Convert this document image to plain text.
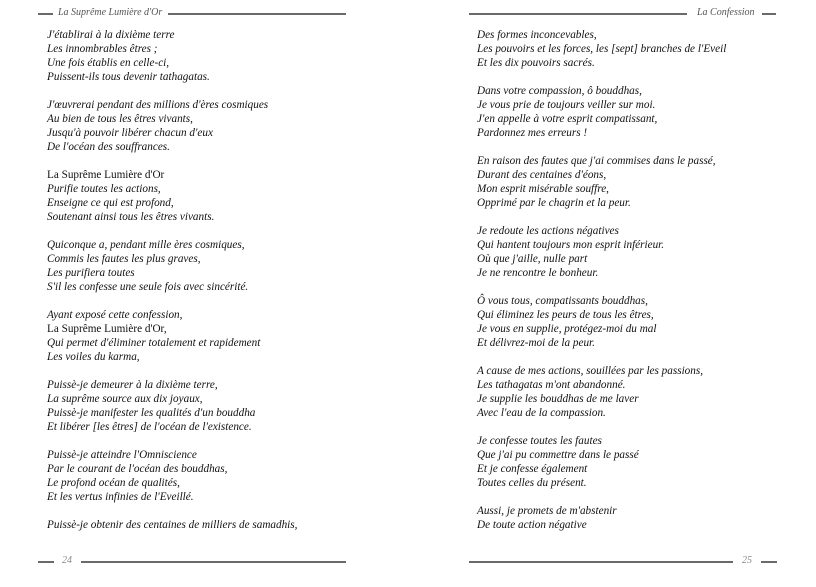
La Suprême Lumière d'Or	La Confession
J'établirai à la dixième terre
Les innombrables êtres ;
Une fois établis en celle-ci,
Puissent-ils tous devenir tathagatas.
J'œuvrerai pendant des millions d'ères cosmiques
Au bien de tous les êtres vivants,
Jusqu'à pouvoir libérer chacun d'eux
De l'océan des souffrances.
La Suprême Lumière d'Or
Purifie toutes les actions,
Enseigne ce qui est profond,
Soutenant ainsi tous les êtres vivants.
Quiconque a, pendant mille ères cosmiques,
Commis les fautes les plus graves,
Les purifiera toutes
S'il les confesse une seule fois avec sincérité.
Ayant exposé cette confession,
La Suprême Lumière d'Or,
Qui permet d'éliminer totalement et rapidement
Les voiles du karma,
Puissè-je demeurer à la dixième terre,
La suprême source aux dix joyaux,
Puissè-je manifester les qualités d'un bouddha
Et libérer [les êtres] de l'océan de l'existence.
Puissè-je atteindre l'Omniscience
Par le courant de l'océan des bouddhas,
Le profond océan de qualités,
Et les vertus infinies de l'Eveillé.
Puissè-je obtenir des centaines de milliers de samadhis,
Des formes inconcevables,
Les pouvoirs et les forces, les [sept] branches de l'Eveil
Et les dix pouvoirs sacrés.
Dans votre compassion, ô bouddhas,
Je vous prie de toujours veiller sur moi.
J'en appelle à votre esprit compatissant,
Pardonnez mes erreurs !
En raison des fautes que j'ai commises dans le passé,
Durant des centaines d'éons,
Mon esprit misérable souffre,
Opprimé par le chagrin et la peur.
Je redoute les actions négatives
Qui hantent toujours mon esprit inférieur.
Où que j'aille, nulle part
Je ne rencontre le bonheur.
Ô vous tous, compatissants bouddhas,
Qui éliminez les peurs de tous les êtres,
Je vous en supplie, protégez-moi du mal
Et délivrez-moi de la peur.
A cause de mes actions, souillées par les passions,
Les tathagatas m'ont abandonné.
Je supplie les bouddhas de me laver
Avec l'eau de la compassion.
Je confesse toutes les fautes
Que j'ai pu commettre dans le passé
Et je confesse également
Toutes celles du présent.
Aussi, je promets de m'abstenir
De toute action négative
24	25
